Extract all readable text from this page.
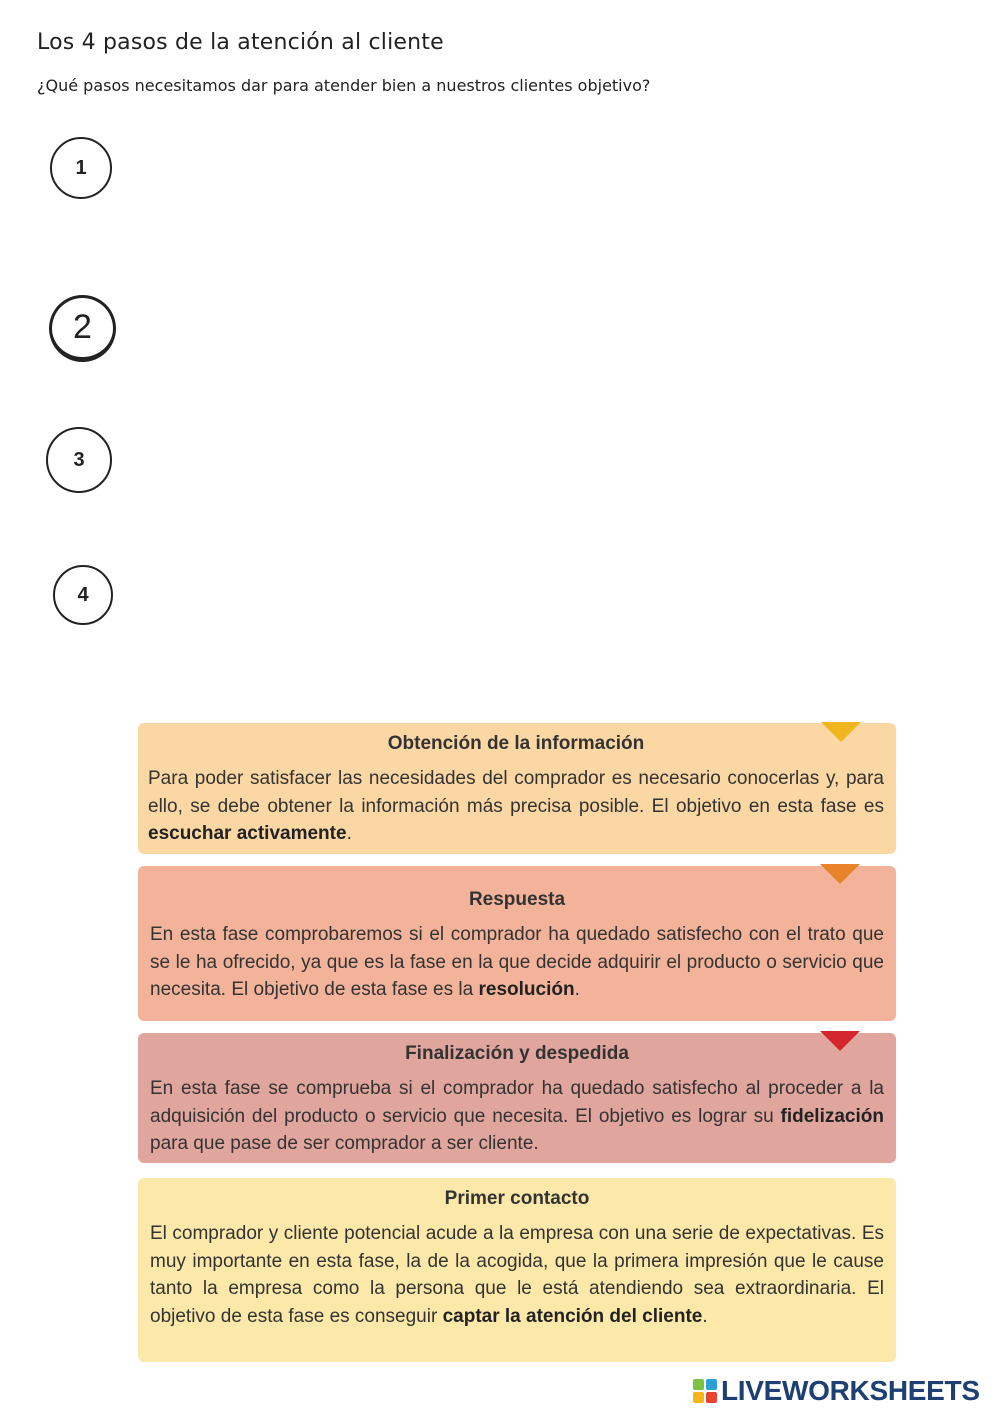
Los 4 pasos de la atención al cliente
¿Qué pasos necesitamos dar para atender bien a nuestros clientes objetivo?
1
2
3
4
Obtención de la información

Para poder satisfacer las necesidades del comprador es necesario conocerlas y, para ello, se debe obtener la información más precisa posible. El objetivo en esta fase es escuchar activamente.

Respuesta

En esta fase comprobaremos si el comprador ha quedado satisfecho con el trato que se le ha ofrecido, ya que es la fase en la que decide adquirir el producto o servicio que necesita. El objetivo de esta fase es la resolución.

Finalización y despedida

En esta fase se comprueba si el comprador ha quedado satisfecho al proceder a la adquisición del producto o servicio que necesita. El objetivo es lograr su fidelización para que pase de ser comprador a ser cliente.

Primer contacto

El comprador y cliente potencial acude a la empresa con una serie de expectativas. Es muy importante en esta fase, la de la acogida, que la primera impresión que le cause tanto la empresa como la persona que le está atendiendo sea extraordinaria. El objetivo de esta fase es conseguir captar la atención del cliente.

LIVEWORKSHEETS
